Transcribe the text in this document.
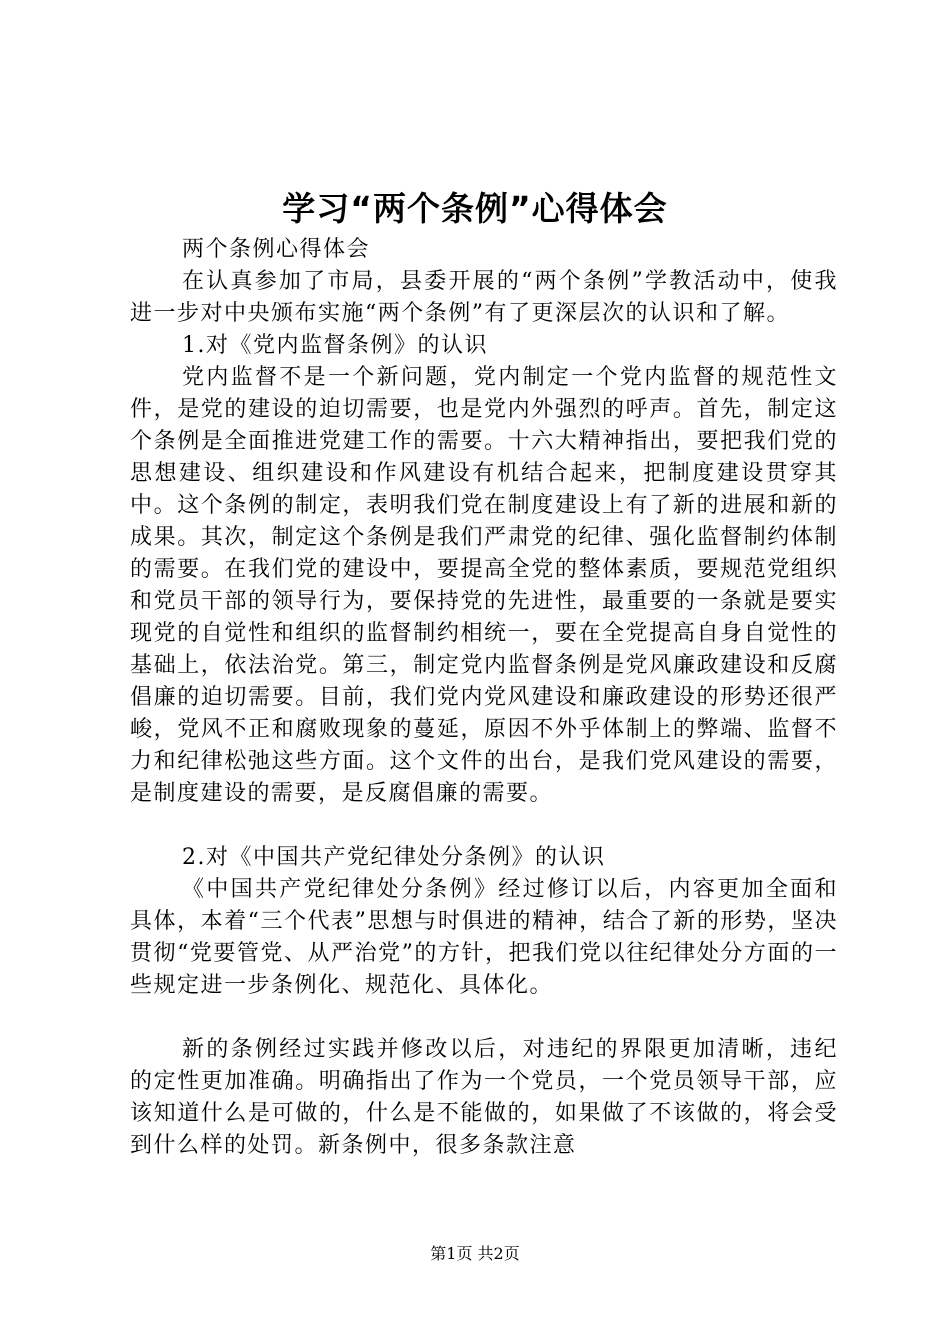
学习“两个条例”心得体会

两个条例心得体会

在认真参加了市局，县委开展的“两个条例”学教活动中，使我进一步对中央颁布实施“两个条例”有了更深层次的认识和了解。

1.对《党内监督条例》的认识

党内监督不是一个新问题，党内制定一个党内监督的规范性文件，是党的建设的迫切需要，也是党内外强烈的呼声。首先，制定这个条例是全面推进党建工作的需要。十六大精神指出，要把我们党的思想建设、组织建设和作风建设有机结合起来，把制度建设贯穿其中。这个条例的制定，表明我们党在制度建设上有了新的进展和新的成果。其次，制定这个条例是我们严肃党的纪律、强化监督制约体制的需要。在我们党的建设中，要提高全党的整体素质，要规范党组织和党员干部的领导行为，要保持党的先进性，最重要的一条就是要实现党的自觉性和组织的监督制约相统一，要在全党提高自身自觉性的基础上，依法治党。第三，制定党内监督条例是党风廉政建设和反腐倡廉的迫切需要。目前，我们党内党风建设和廉政建设的形势还很严峻，党风不正和腐败现象的蔓延，原因不外乎体制上的弊端、监督不力和纪律松弛这些方面。这个文件的出台，是我们党风建设的需要，是制度建设的需要，是反腐倡廉的需要。

2.对《中国共产党纪律处分条例》的认识

《中国共产党纪律处分条例》经过修订以后，内容更加全面和具体，本着“三个代表”思想与时俱进的精神，结合了新的形势，坚决贯彻“党要管党、从严治党”的方针，把我们党以往纪律处分方面的一些规定进一步条例化、规范化、具体化。

新的条例经过实践并修改以后，对违纪的界限更加清晰，违纪的定性更加准确。明确指出了作为一个党员，一个党员领导干部，应该知道什么是可做的，什么是不能做的，如果做了不该做的，将会受到什么样的处罚。新条例中，很多条款注意

第1页 共2页
